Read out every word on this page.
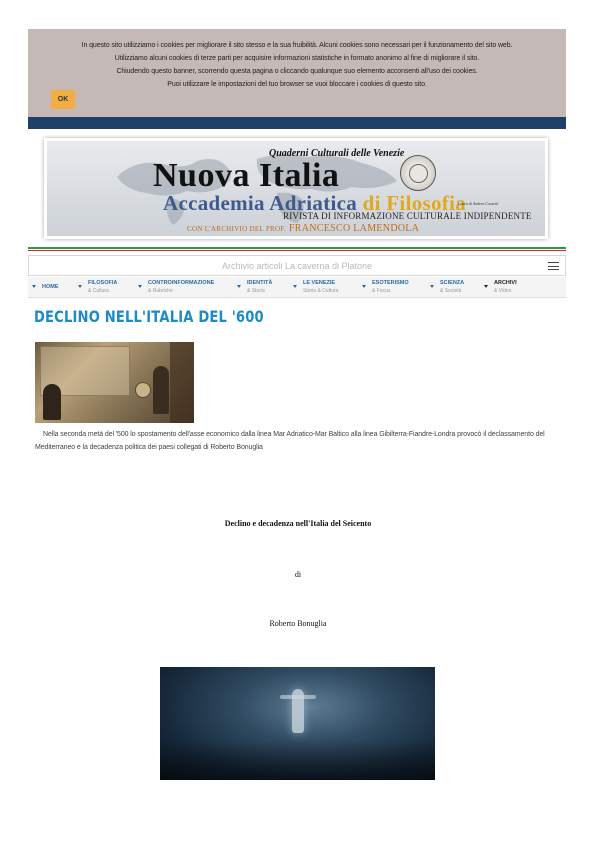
In questo sito utilizziamo i cookies per migliorare il sito stesso e la sua fruibilità. Alcuni cookies sono necessari per il funzionamento del sito web.

Utilizziamo alcuni cookies di terze parti per acquisire informazioni statistiche in formato anonimo al fine di migliorare il sito.

Chiudendo questo banner, scorrendo questa pagina o cliccando qualunque suo elemento acconsenti all'uso dei cookies.

Puoi utilizzare le impostazioni del tuo browser se vuoi bloccare i cookies di questo sito.

OK
Quaderni Culturali delle Venezie
Nuova Italia
Accademia Adriatica di Filosofia
A cura di Andrea Cossetti
RIVISTA DI INFORMAZIONE CULTURALE INDIPENDENTE
CON L'ARCHIVIO DEL PROF. FRANCESCO LAMENDOLA
Archivio articoli La caverna di Platone
HOME
FILOSOFIA
& Cultura
CONTROINFORMAZIONE
& Rubriche
IDENTITÀ
& Storia
LE VENEZIE
Storia & Cultura
ESOTERISMO
& Focus
SCIENZA
& Società
ARCHIVI
& Video
DECLINO NELL'ITALIA DEL '600

Nella seconda metà del '500 lo spostamento dell'asse economico dalla linea Mar Adriatico-Mar Baltico alla linea Gibilterra-Fiandre-Londra provocò il declassamento del Mediterraneo e la decadenza politica dei paesi collegati di Roberto Bonuglia

Declino e decadenza nell'Italia del Seicento
di
Roberto Bonuglia
